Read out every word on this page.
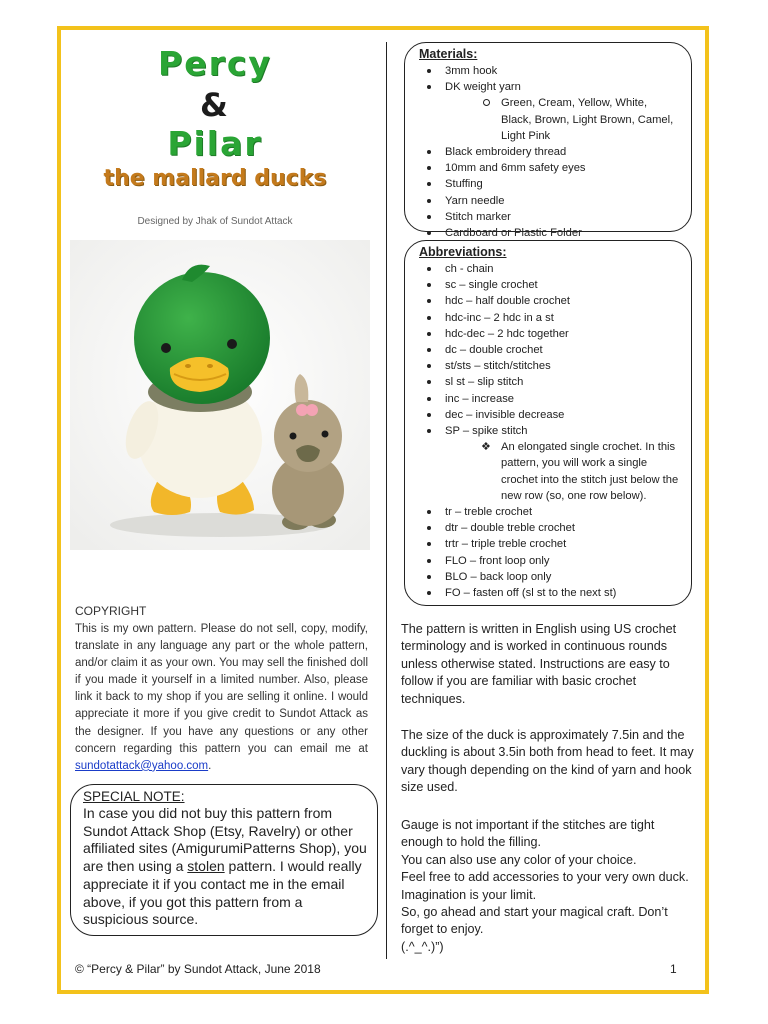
Percy
&
Pilar
the mallard ducks
Designed by Jhak of Sundot Attack
COPYRIGHT
This is my own pattern. Please do not sell, copy, modify, translate in any language any part or the whole pattern, and/or claim it as your own. You may sell the finished doll if you made it yourself in a limited number. Also, please link it back to my shop if you are selling it online. I would appreciate it more if you give credit to Sundot Attack as the designer. If you have any questions or any other concern regarding this pattern you can email me at sundotattack@yahoo.com.
SPECIAL NOTE:
In case you did not buy this pattern from Sundot Attack Shop (Etsy, Ravelry) or other affiliated sites (AmigurumiPatterns Shop), you are then using a stolen pattern. I would really appreciate it if you contact me in the email above, if you got this pattern from a suspicious source.
Materials:
3mm hook
DK weight yarn
Green, Cream, Yellow, White, Black, Brown, Light Brown, Camel, Light Pink
Black embroidery thread
10mm and 6mm safety eyes
Stuffing
Yarn needle
Stitch marker
Cardboard or Plastic Folder
Abbreviations:
ch - chain
sc – single crochet
hdc – half double crochet
hdc-inc – 2 hdc in a st
hdc-dec – 2 hdc together
dc – double crochet
st/sts – stitch/stitches
sl st – slip stitch
inc – increase
dec – invisible decrease
SP – spike stitch
❖ An elongated single crochet. In this pattern, you will work a single crochet into the stitch just below the new row (so, one row below).
tr – treble crochet
dtr – double treble crochet
trtr – triple treble crochet
FLO – front loop only
BLO – back loop only
FO – fasten off (sl st to the next st)
The pattern is written in English using US crochet terminology and is worked in continuous rounds unless otherwise stated. Instructions are easy to follow if you are familiar with basic crochet techniques.
The size of the duck is approximately 7.5in and the duckling is about 3.5in both from head to feet. It may vary though depending on the kind of yarn and hook size used.
Gauge is not important if the stitches are tight enough to hold the filling.
You can also use any color of your choice.
Feel free to add accessories to your very own duck.
Imagination is your limit.
So, go ahead and start your magical craft. Don’t forget to enjoy.
(.^_^.)”)
© “Percy & Pilar” by Sundot Attack, June 2018	1
